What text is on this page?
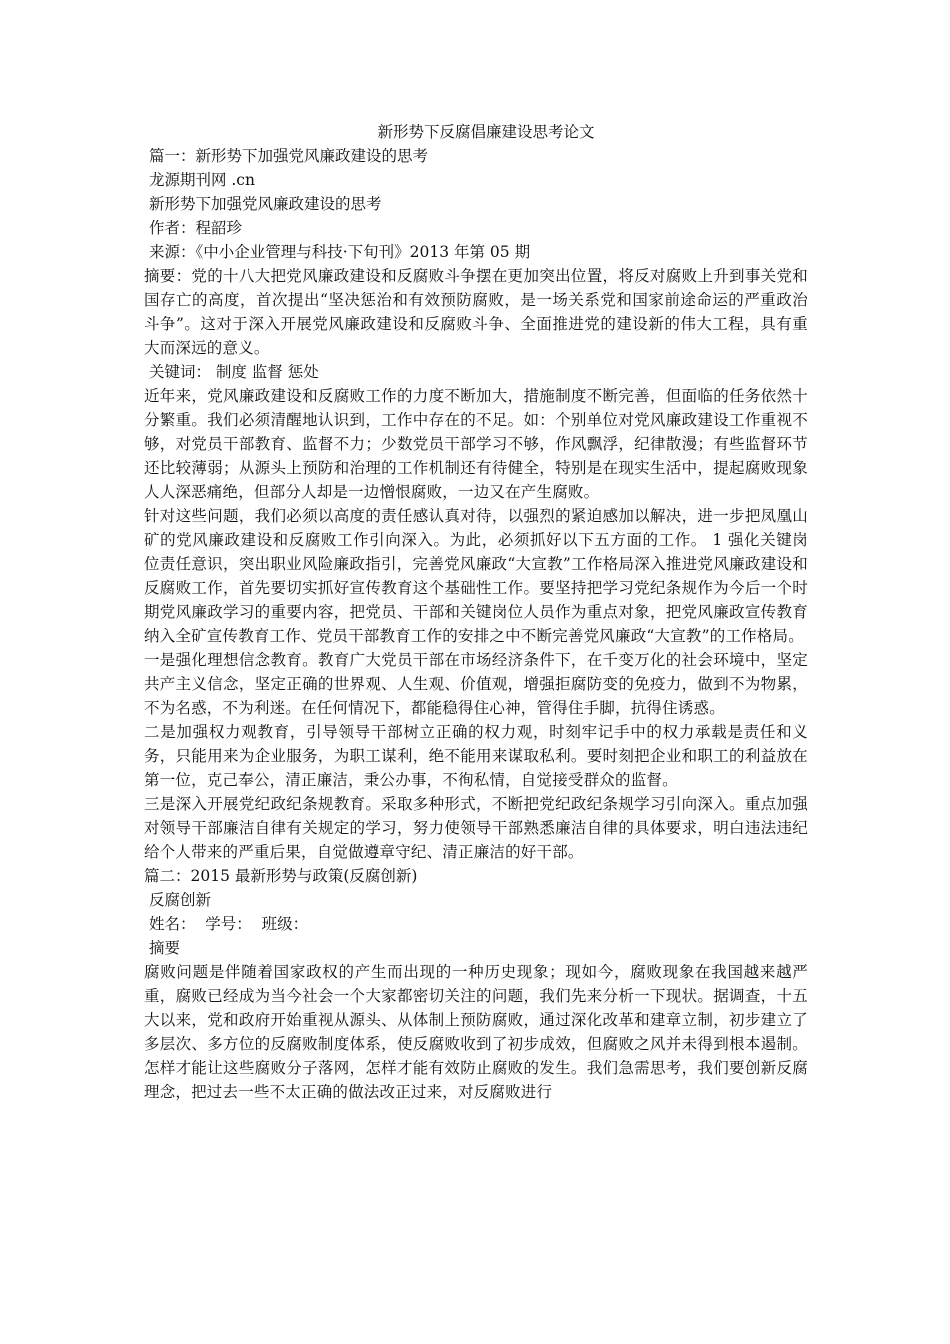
新形势下反腐倡廉建设思考论文

篇一：新形势下加强党风廉政建设的思考

龙源期刊网 .cn

新形势下加强党风廉政建设的思考

作者：程韶珍

来源：《中小企业管理与科技·下旬刊》2013 年第 05 期

摘要：党的十八大把党风廉政建设和反腐败斗争摆在更加突出位置，将反对腐败上升到事关党和国存亡的高度，首次提出“坚决惩治和有效预防腐败，是一场关系党和国家前途命运的严重政治斗争”。这对于深入开展党风廉政建设和反腐败斗争、全面推进党的建设新的伟大工程，具有重大而深远的意义。

关键词： 制度 监督 惩处

近年来，党风廉政建设和反腐败工作的力度不断加大，措施制度不断完善，但面临的任务依然十分繁重。我们必须清醒地认识到，工作中存在的不足。如：个别单位对党风廉政建设工作重视不够，对党员干部教育、监督不力；少数党员干部学习不够，作风飘浮，纪律散漫；有些监督环节还比较薄弱；从源头上预防和治理的工作机制还有待健全，特别是在现实生活中，提起腐败现象人人深恶痛绝，但部分人却是一边憎恨腐败，一边又在产生腐败。

针对这些问题，我们必须以高度的责任感认真对待，以强烈的紧迫感加以解决，进一步把凤凰山矿的党风廉政建设和反腐败工作引向深入。为此，必须抓好以下五方面的工作。 1 强化关键岗位责任意识，突出职业风险廉政指引，完善党风廉政“大宣教”工作格局深入推进党风廉政建设和反腐败工作，首先要切实抓好宣传教育这个基础性工作。要坚持把学习党纪条规作为今后一个时期党风廉政学习的重要内容，把党员、干部和关键岗位人员作为重点对象，把党风廉政宣传教育纳入全矿宣传教育工作、党员干部教育工作的安排之中不断完善党风廉政“大宣教”的工作格局。

一是强化理想信念教育。教育广大党员干部在市场经济条件下，在千变万化的社会环境中，坚定共产主义信念，坚定正确的世界观、人生观、价值观，增强拒腐防变的免疫力，做到不为物累，不为名惑，不为利迷。在任何情况下，都能稳得住心神，管得住手脚，抗得住诱惑。

二是加强权力观教育，引导领导干部树立正确的权力观，时刻牢记手中的权力承载是责任和义务，只能用来为企业服务，为职工谋利，绝不能用来谋取私利。要时刻把企业和职工的利益放在第一位，克己奉公，清正廉洁，秉公办事，不徇私情，自觉接受群众的监督。

三是深入开展党纪政纪条规教育。采取多种形式，不断把党纪政纪条规学习引向深入。重点加强对领导干部廉洁自律有关规定的学习，努力使领导干部熟悉廉洁自律的具体要求，明白违法违纪给个人带来的严重后果，自觉做遵章守纪、清正廉洁的好干部。

篇二：2015 最新形势与政策(反腐创新)

反腐创新

姓名：  学号：  班级：

摘要

腐败问题是伴随着国家政权的产生而出现的一种历史现象；现如今，腐败现象在我国越来越严重，腐败已经成为当今社会一个大家都密切关注的问题，我们先来分析一下现状。据调查，十五大以来，党和政府开始重视从源头、从体制上预防腐败，通过深化改革和建章立制，初步建立了多层次、多方位的反腐败制度体系，使反腐败收到了初步成效，但腐败之风并未得到根本遏制。怎样才能让这些腐败分子落网，怎样才能有效防止腐败的发生。我们急需思考，我们要创新反腐理念，把过去一些不太正确的做法改正过来，对反腐败进行
